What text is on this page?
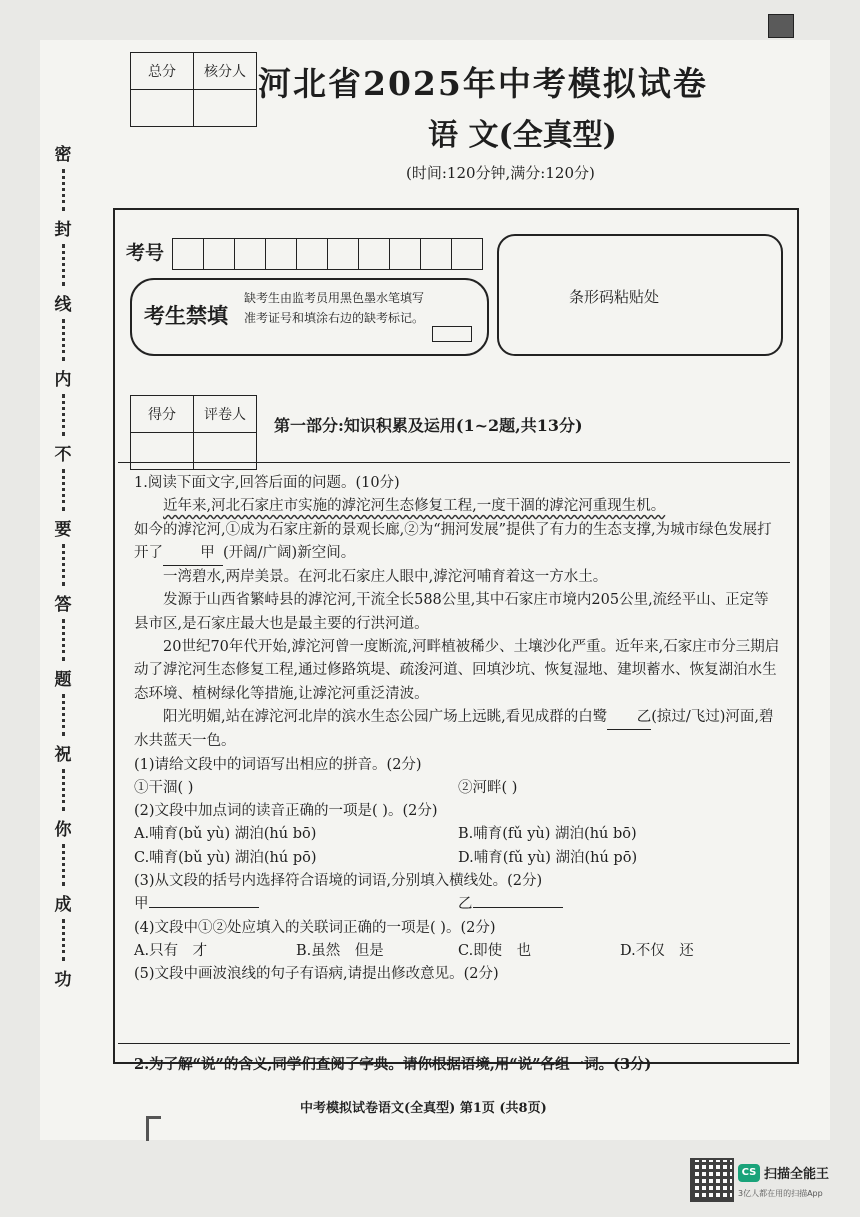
密
封
线
内
不
要
答
题
祝
你
成
功
总分	核分人
	河北省2025年中考模拟试卷
语 文(全真型)
(时间:120分钟,满分:120分)
考号
考生禁填
缺考生由监考员用黑色墨水笔填写准考证号和填涂右边的缺考标记。
条形码粘贴处
得分	评卷人

第一部分:知识积累及运用(1~2题,共13分)

1.阅读下面文字,回答后面的问题。(10分)

近年来,河北石家庄市实施的滹沱河生态修复工程,一度干涸的滹沱河重现生机。
如今的滹沱河,①成为石家庄新的景观长廊,②为“拥河发展”提供了有力的生态支撑,为城市绿色发展打开了	甲 (开阔/广阔)新空间。

一湾碧水,两岸美景。在河北石家庄人眼中,滹沱河哺育着这一方水土。

发源于山西省繁峙县的滹沱河,干流全长588公里,其中石家庄市境内205公里,流经平山、正定等县市区,是石家庄最大也是最主要的行洪河道。

20世纪70年代开始,滹沱河曾一度断流,河畔植被稀少、土壤沙化严重。近年来,石家庄市分三期启动了滹沱河生态修复工程,通过修路筑堤、疏浚河道、回填沙坑、恢复湿地、建坝蓄水、恢复湖泊水生态环境、植树绿化等措施,让滹沱河重泛清波。

阳光明媚,站在滹沱河北岸的滨水生态公园广场上远眺,看见成群的白鹭 乙(掠过/飞过)河面,碧水共蓝天一色。

(1)请给文段中的词语写出相应的拼音。(2分)

①干涸( )	②河畔( )

(2)文段中加点词的读音正确的一项是( )。(2分)

A.哺育(bǔ yù) 湖泊(hú bō)	B.哺育(fǔ yù) 湖泊(hú bō)
C.哺育(bǔ yù) 湖泊(hú pō)	D.哺育(fǔ yù) 湖泊(hú pō)

(3)从文段的括号内选择符合语境的词语,分别填入横线处。(2分)

甲	乙

(4)文段中①②处应填入的关联词正确的一项是( )。(2分)

A.只有　才	B.虽然　但是	C.即使　也	D.不仅　还

(5)文段中画波浪线的句子有语病,请提出修改意见。(2分)

2.为了解“说”的含义,同学们查阅了字典。请你根据语境,用“说”各组一词。(3分)
中考模拟试卷语文(全真型) 第1页 (共8页)
CS 扫描全能王
3亿人都在用的扫描App
